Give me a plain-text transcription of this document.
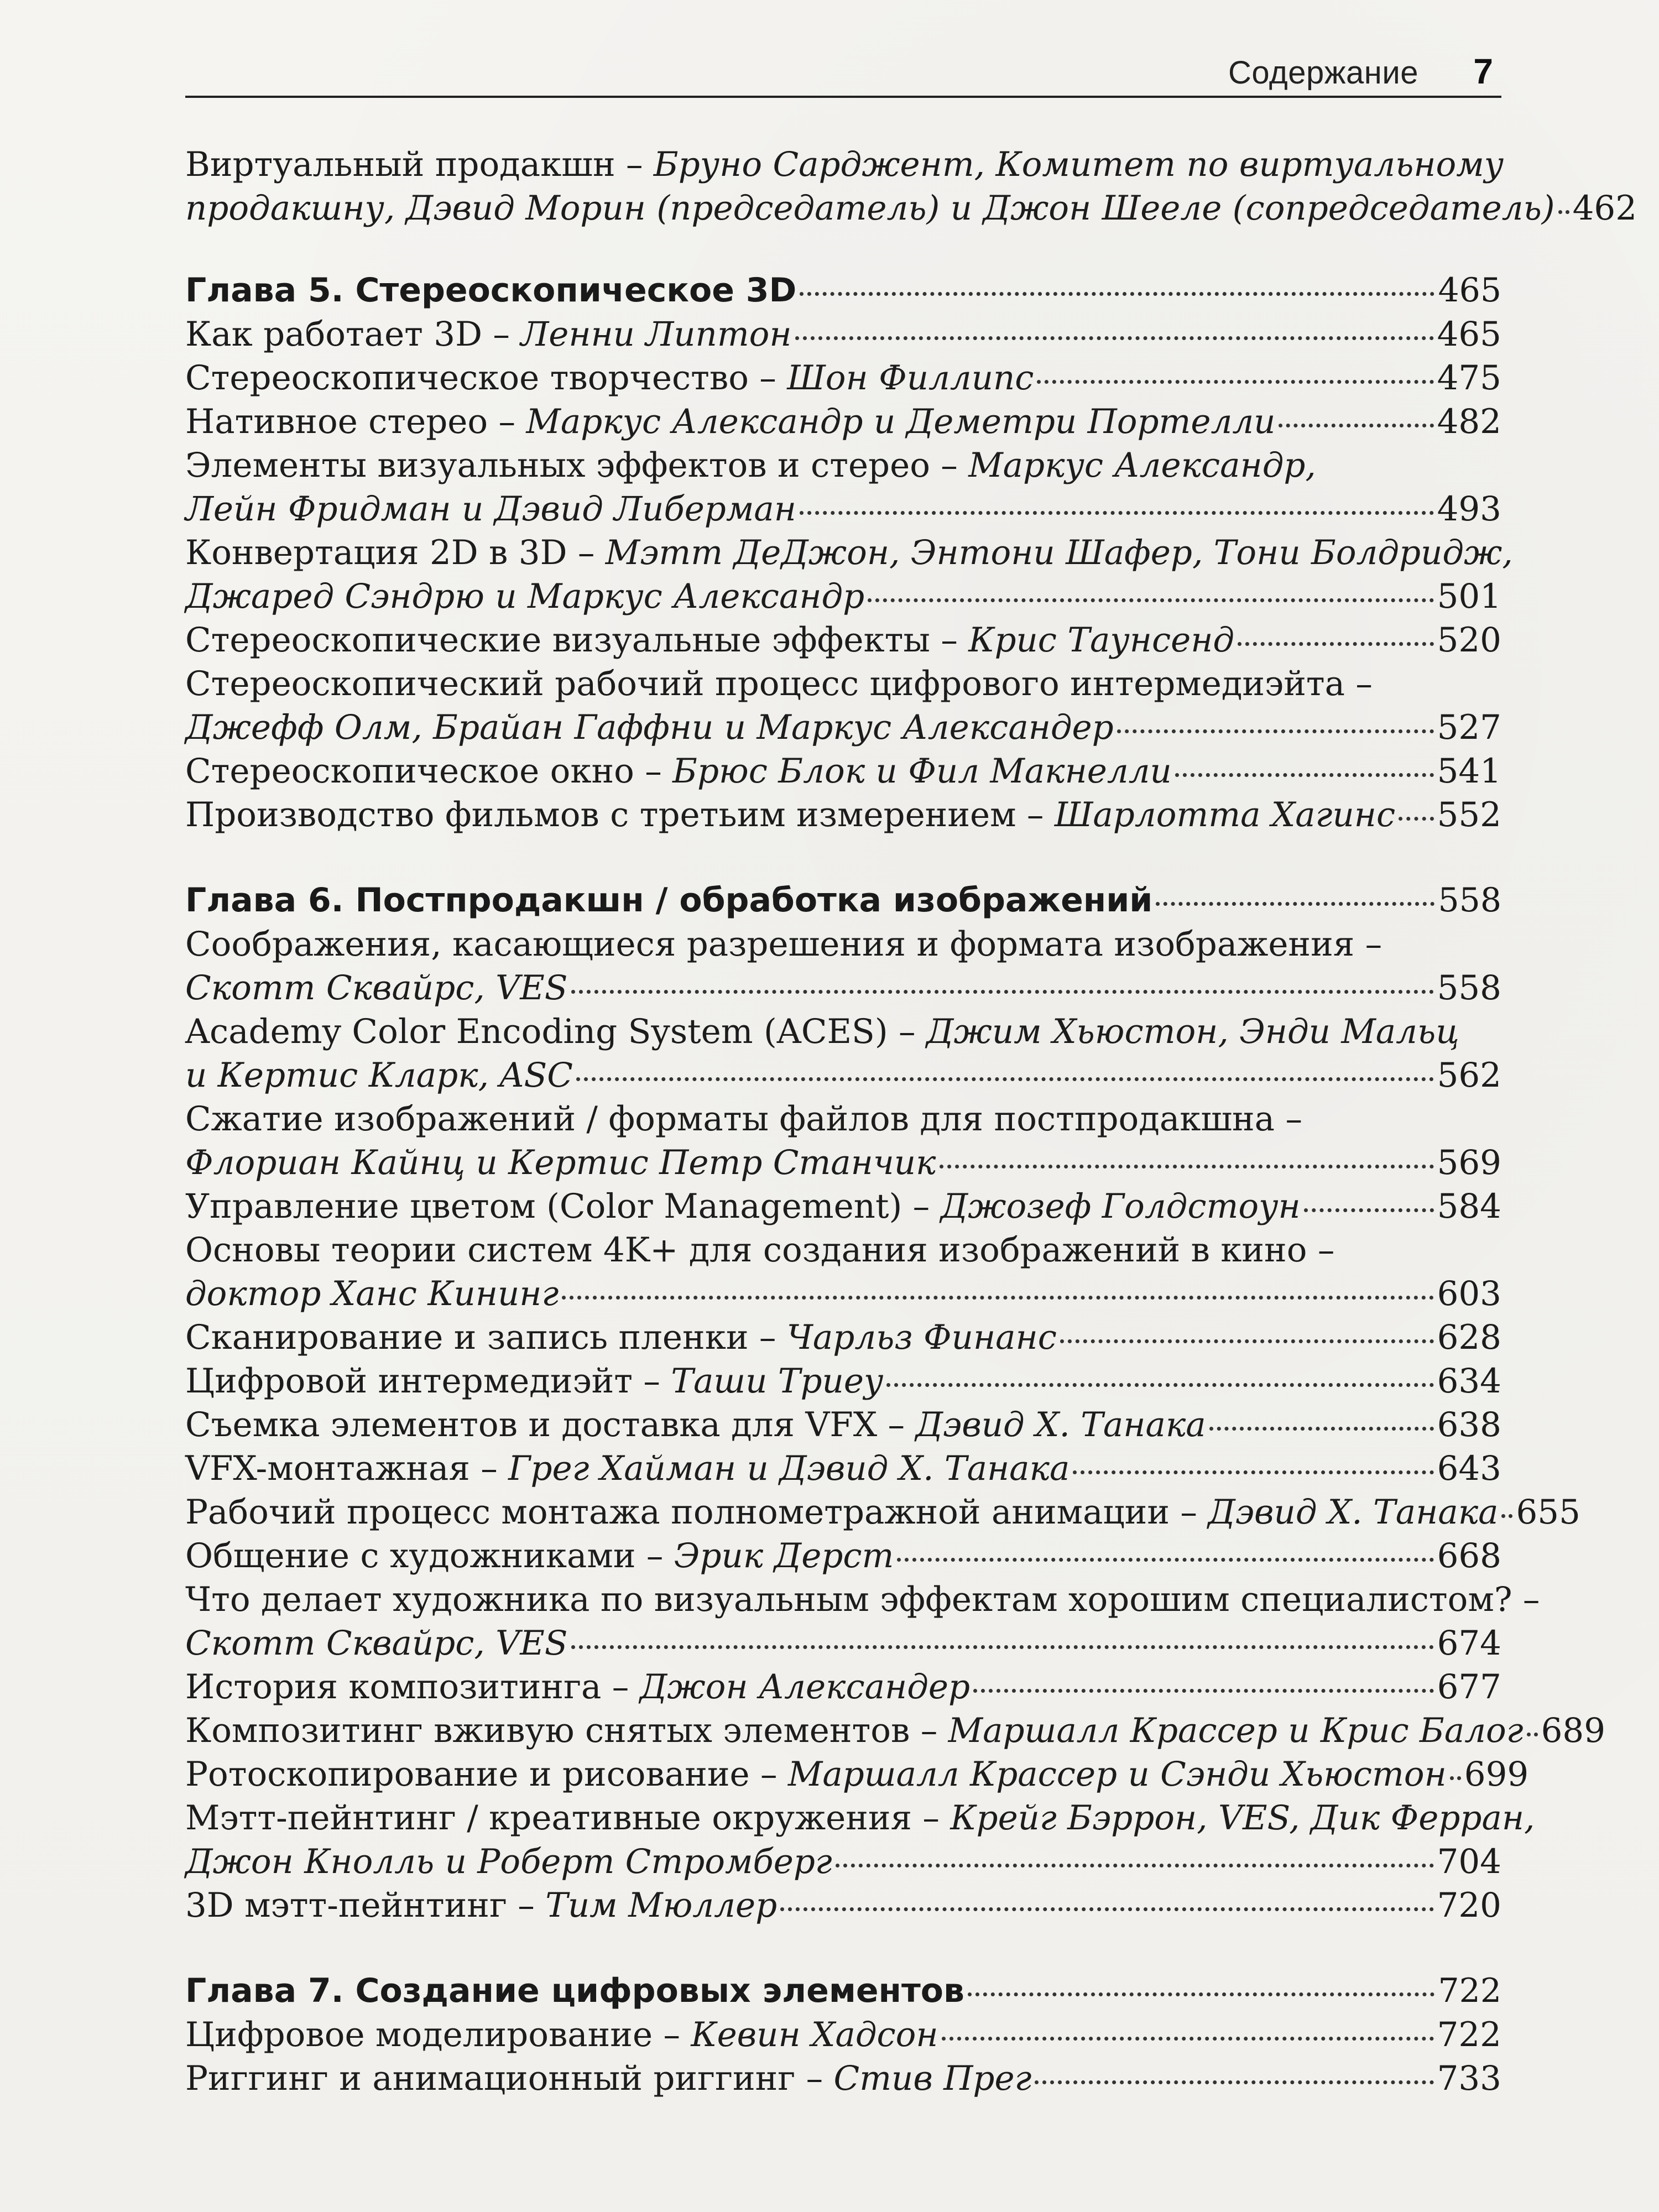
Содержание 7
Виртуальный продакшн – Бруно Сарджент, Комитет по виртуальному
продакшну, Дэвид Морин (председатель) и Джон Шееле (сопредседатель) 462
Глава 5. Стереоскопическое 3D	465
Как работает 3D – Ленни Липтон	465
Стереоскопическое творчество – Шон Филлипс	475
Нативное стерео – Маркус Александр и Деметри Портелли	482
Элементы визуальных эффектов и стерео – Маркус Александр,
Лейн Фридман и Дэвид Либерман	493
Конвертация 2D в 3D – Мэтт ДеДжон, Энтони Шафер, Тони Болдридж,
Джаред Сэндрю и Маркус Александр	501
Стереоскопические визуальные эффекты – Крис Таунсенд	520
Стереоскопический рабочий процесс цифрового интермедиэйта –
Джефф Олм, Брайан Гаффни и Маркус Александер	527
Стереоскопическое окно – Брюс Блок и Фил Макнелли	541
Производство фильмов с третьим измерением – Шарлотта Хагинс 552
Глава 6. Постпродакшн / обработка изображений	558
Соображения, касающиеся разрешения и формата изображения –
Скотт Сквайрс, VES	558
Academy Color Encoding System (ACES) – Джим Хьюстон, Энди Мальц
и Кертис Кларк, ASC	562
Сжатие изображений / форматы файлов для постпродакшна –
Флориан Кайнц и Кертис Петр Станчик	569
Управление цветом (Color Management) – Джозеф Голдстоун	584
Основы теории систем 4K+ для создания изображений в кино –
доктор Ханс Кининг	603
Сканирование и запись пленки – Чарльз Финанс	628
Цифровой интермедиэйт – Таши Триеу	634
Съемка элементов и доставка для VFX – Дэвид Х. Танака	638
VFX-монтажная – Грег Хайман и Дэвид Х. Танака	643
Рабочий процесс монтажа полнометражной анимации – Дэвид Х. Танака 655
Общение с художниками – Эрик Дерст	668
Что делает художника по визуальным эффектам хорошим специалистом? –
Скотт Сквайрс, VES	674
История композитинга – Джон Александер	677
Композитинг вживую снятых элементов – Маршалл Крассер и Крис Балог 689
Ротоскопирование и рисование – Маршалл Крассер и Сэнди Хьюстон 699
Мэтт-пейнтинг / креативные окружения – Крейг Бэррон, VES, Дик Ферран,
Джон Кнолль и Роберт Стромберг	704
3D мэтт-пейнтинг – Тим Мюллер	720
Глава 7. Создание цифровых элементов	722
Цифровое моделирование – Кевин Хадсон	722
Риггинг и анимационный риггинг – Стив Прег	733
